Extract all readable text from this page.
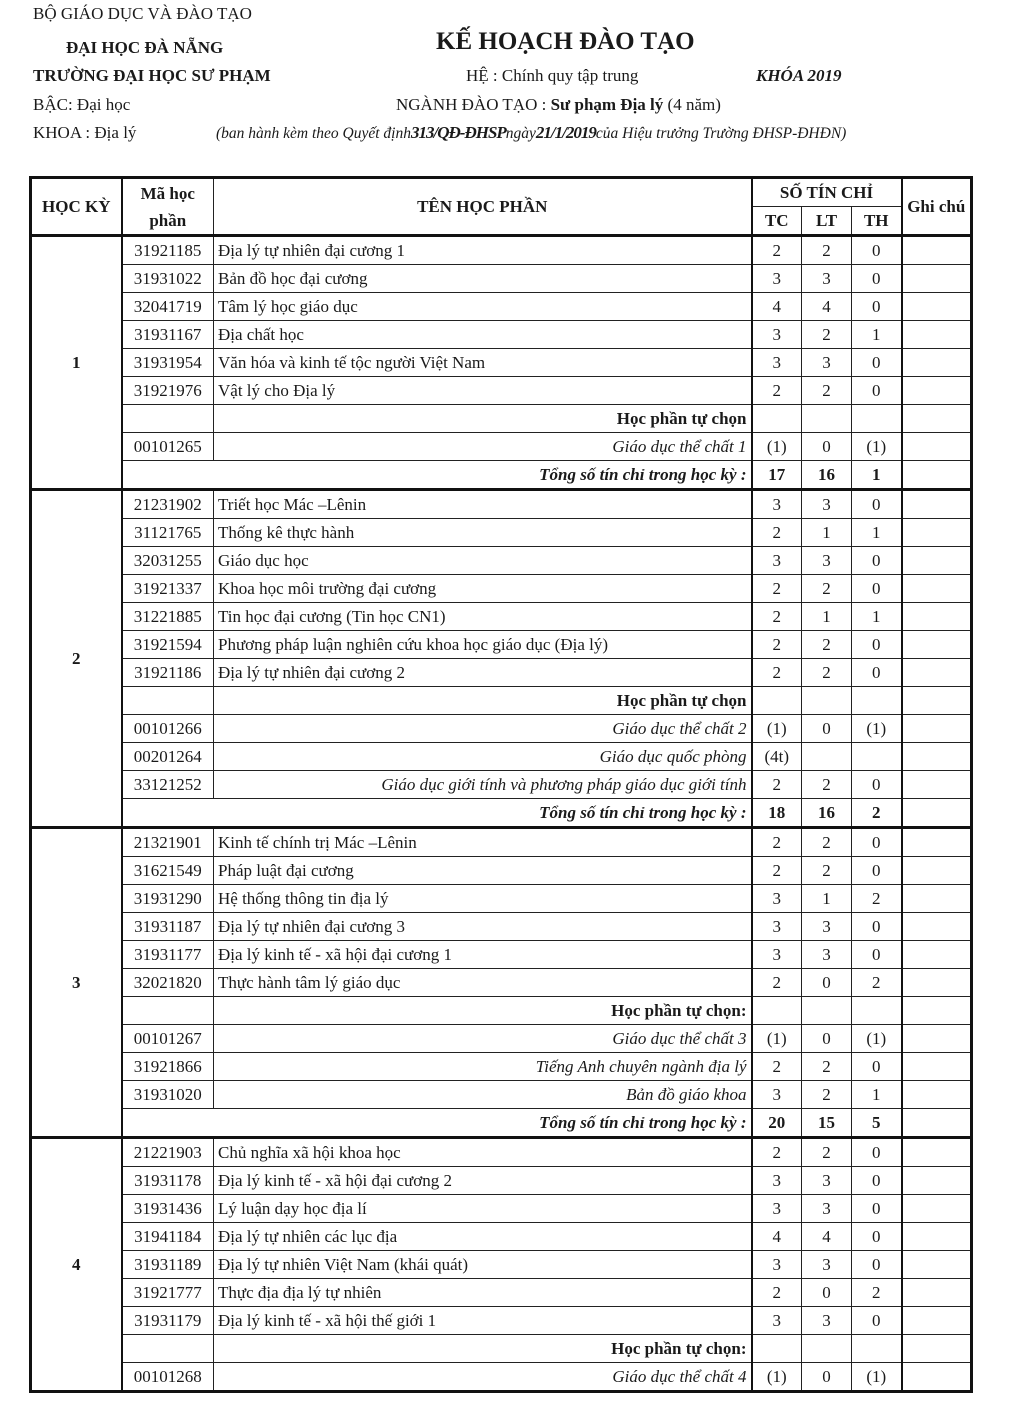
BỘ GIÁO DỤC VÀ ĐÀO TẠO
ĐẠI HỌC ĐÀ NẴNG
TRƯỜNG ĐẠI HỌC SƯ PHẠM
BẬC: Đại học
KHOA : Địa lý
KẾ HOẠCH ĐÀO TẠO
HỆ : Chính quy tập trung	KHÓA 2019
NGÀNH ĐÀO TẠO : Sư phạm Địa lý (4 năm)
(ban hành kèm theo Quyết định313/QĐ-ĐHSPngày21/1/2019của Hiệu trưởng Trường ĐHSP-ĐHĐN)
HỌC KỲ	Mã học phần	TÊN HỌC PHẦN	SỐ TÍN CHỈ			Ghi chú
			TC	LT	TH	
1	31921185	Địa lý tự nhiên đại cương 1	2	2	0	
	31931022	Bản đồ học đại cương	3	3	0	
	32041719	Tâm lý học giáo dục	4	4	0	
	31931167	Địa chất học	3	2	1	
	31931954	Văn hóa và kinh tế tộc người Việt Nam	3	3	0	
	31921976	Vật lý cho Địa lý	2	2	0	
		Học phần tự chọn				
	00101265	Giáo dục thể chất 1	(1)	0	(1)	
	Tổng số tín chỉ trong học kỳ :		17	16	1	
2	21231902	Triết học Mác –Lênin	3	3	0	
	31121765	Thống kê thực hành	2	1	1	
	32031255	Giáo dục học	3	3	0	
	31921337	Khoa học môi trường đại cương	2	2	0	
	31221885	Tin học đại cương (Tin học CN1)	2	1	1	
	31921594	Phương pháp luận nghiên cứu khoa học giáo dục (Địa lý)	2	2	0	
	31921186	Địa lý tự nhiên đại cương 2	2	2	0	
		Học phần tự chọn				
	00101266	Giáo dục thể chất 2	(1)	0	(1)	
	00201264	Giáo dục quốc phòng	(4t)			
	33121252	Giáo dục giới tính và phương pháp giáo dục giới tính	2	2	0	
	Tổng số tín chỉ trong học kỳ :		18	16	2	
3	21321901	Kinh tế chính trị Mác –Lênin	2	2	0	
	31621549	Pháp luật đại cương	2	2	0	
	31931290	Hệ thống thông tin địa lý	3	1	2	
	31931187	Địa lý tự nhiên đại cương 3	3	3	0	
	31931177	Địa lý kinh tế - xã hội đại cương 1	3	3	0	
	32021820	Thực hành tâm lý giáo dục	2	0	2	
		Học phần tự chọn:				
	00101267	Giáo dục thể chất 3	(1)	0	(1)	
	31921866	Tiếng Anh chuyên ngành địa lý	2	2	0	
	31931020	Bản đồ giáo khoa	3	2	1	
	Tổng số tín chỉ trong học kỳ :		20	15	5	
4	21221903	Chủ nghĩa xã hội khoa học	2	2	0	
	31931178	Địa lý kinh tế - xã hội đại cương 2	3	3	0	
	31931436	Lý luận dạy học địa lí	3	3	0	
	31941184	Địa lý tự nhiên các lục địa	4	4	0	
	31931189	Địa lý tự nhiên Việt Nam (khái quát)	3	3	0	
	31921777	Thực địa địa lý tự nhiên	2	0	2	
	31931179	Địa lý kinh tế - xã hội thế giới 1	3	3	0	
		Học phần tự chọn:				
	00101268	Giáo dục thể chất 4	(1)	0	(1)	
